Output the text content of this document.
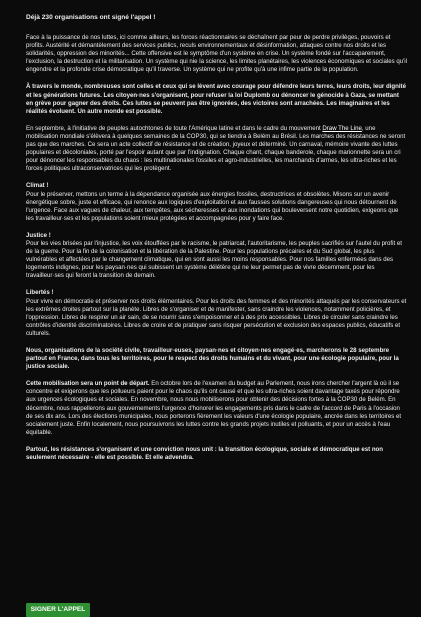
Déjà 230 organisations ont signé l'appel !

Face à la puissance de nos luttes, ici comme ailleurs, les forces réactionnaires se déchaînent par peur de perdre privilèges, pouvoirs et profits. Austérité et démantèlement des services publics, reculs environnementaux et désinformation, attaques contre nos droits et les solidarités, oppression des minorités... Cette offensive est le symptôme d'un système en crise. Un système fondé sur l'accaparement, l'exclusion, la destruction et la militarisation. Un système qui nie la science, les limites planétaires, les violences économiques et sociales qu'il engendre et la profonde crise démocratique qu'il traverse. Un système qui ne profite qu'à une infime partie de la population.

À travers le monde, nombreuses sont celles et ceux qui se lèvent avec courage pour défendre leurs terres, leurs droits, leur dignité et les générations futures. Les citoyen·nes s'organisent, pour refuser la loi Duplomb ou dénoncer le génocide à Gaza, se mettant en grève pour gagner des droits. Ces luttes se peuvent pas être ignorées, des victoires sont arrachées. Les imaginaires et les réalités évoluent. Un autre monde est possible.

En septembre, à l'initiative de peuples autochtones de toute l'Amérique latine et dans le cadre du mouvement Draw The Line, une mobilisation mondiale s'élèvera à quelques semaines de la COP30, qui se tiendra à Belém au Brésil. Les marches des résistances ne seront pas que des marches. Ce sera un acte collectif de résistance et de création, joyeux et déterminé. Un carnaval, mémoire vivante des luttes populaires et décoloniales, porté par l'espoir autant que par l'indignation. Chaque chant, chaque banderole, chaque marionnette sera un cri pour dénoncer les responsables du chaos : les multinationales fossiles et agro-industrielles, les marchands d'armes, les ultra-riches et les forces politiques ultraconservatrices qui les protègent.

Climat !
Pour le préserver, mettons un terme à la dépendance organisée aux énergies fossiles, destructrices et obsolètes. Misons sur un avenir énergétique sobre, juste et efficace, qui renonce aux logiques d'exploitation et aux fausses solutions dangereuses qui nous détournent de l'urgence. Face aux vagues de chaleur, aux tempêtes, aux sécheresses et aux inondations qui bouleversent notre quotidien, exigeons que les travailleur·ses et les populations soient mieux protégées et accompagnées pour y faire face.

Justice !
Pour les vies brisées par l'injustice, les voix étouffées par le racisme, le patriarcat, l'autoritarisme, les peuples sacrifiés sur l'autel du profit et de la guerre. Pour la fin de la colonisation et la libération de la Palestine. Pour les populations précaires et du Sud global, les plus vulnérables et affectées par le changement climatique, qui en sont aussi les moins responsables. Pour nos familles enfermées dans des logements indignes, pour les paysan·nes qui subissent un système délétère qui ne leur permet pas de vivre décemment, pour les travailleur·ses qui feront la transition de demain.

Libertés !
Pour vivre en démocratie et préserver nos droits élémentaires. Pour les droits des femmes et des minorités attaqués par les conservateurs et les extrêmes droites partout sur la planète. Libres de s'organiser et de manifester, sans craindre les violences, notamment policières, et l'oppression. Libres de respirer un air sain, de se nourrir sans s'empoisonner et à des prix accessibles. Libres de circuler sans craindre les contrôles d'identité discriminatoires. Libres de croire et de pratiquer sans risquer persécution et exclusion des espaces publics, éducatifs et culturels.

Nous, organisations de la société civile, travailleur·euses, paysan·nes et citoyen·nes engagé·es, marcherons le 28 septembre partout en France, dans tous les territoires, pour le respect des droits humains et du vivant, pour une écologie populaire, pour la justice sociale.

Cette mobilisation sera un point de départ. En octobre lors de l'examen du budget au Parlement, nous irons chercher l'argent là où il se concentre et exigerons que les pollueurs paient pour le chaos qu'ils ont causé et que les ultra-riches soient davantage taxés pour répondre aux urgences écologiques et sociales. En novembre, nous nous mobiliserons pour obtenir des décisions fortes à la COP30 de Belém. En décembre, nous rappellerons aux gouvernements l'urgence d'honorer les engagements pris dans le cadre de l'accord de Paris à l'occasion de ses dix ans. Lors des élections municipales, nous porterons fièrement les valeurs d'une écologie populaire, ancrée dans les territoires et socialement juste. Enfin localement, nous poursuivrons les luttes contre les grands projets inutiles et polluants, et pour un accès à l'eau équitable.

Partout, les résistances s'organisent et une conviction nous unit : la transition écologique, sociale et démocratique est non seulement nécessaire - elle est possible. Et elle advendra.

SIGNER L'APPEL
